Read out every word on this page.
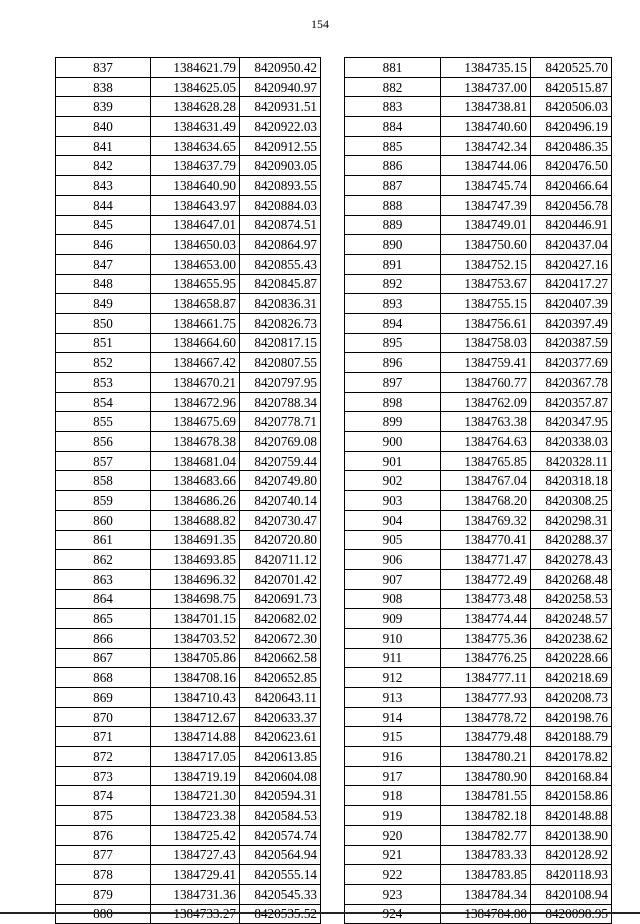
154
837	1384621.79	8420950.42
838	1384625.05	8420940.97
839	1384628.28	8420931.51
840	1384631.49	8420922.03
841	1384634.65	8420912.55
842	1384637.79	8420903.05
843	1384640.90	8420893.55
844	1384643.97	8420884.03
845	1384647.01	8420874.51
846	1384650.03	8420864.97
847	1384653.00	8420855.43
848	1384655.95	8420845.87
849	1384658.87	8420836.31
850	1384661.75	8420826.73
851	1384664.60	8420817.15
852	1384667.42	8420807.55
853	1384670.21	8420797.95
854	1384672.96	8420788.34
855	1384675.69	8420778.71
856	1384678.38	8420769.08
857	1384681.04	8420759.44
858	1384683.66	8420749.80
859	1384686.26	8420740.14
860	1384688.82	8420730.47
861	1384691.35	8420720.80
862	1384693.85	8420711.12
863	1384696.32	8420701.42
864	1384698.75	8420691.73
865	1384701.15	8420682.02
866	1384703.52	8420672.30
867	1384705.86	8420662.58
868	1384708.16	8420652.85
869	1384710.43	8420643.11
870	1384712.67	8420633.37
871	1384714.88	8420623.61
872	1384717.05	8420613.85
873	1384719.19	8420604.08
874	1384721.30	8420594.31
875	1384723.38	8420584.53
876	1384725.42	8420574.74
877	1384727.43	8420564.94
878	1384729.41	8420555.14
879	1384731.36	8420545.33

881	1384735.15	8420525.70
882	1384737.00	8420515.87
883	1384738.81	8420506.03
884	1384740.60	8420496.19
885	1384742.34	8420486.35
886	1384744.06	8420476.50
887	1384745.74	8420466.64
888	1384747.39	8420456.78
889	1384749.01	8420446.91
890	1384750.60	8420437.04
891	1384752.15	8420427.16
892	1384753.67	8420417.27
893	1384755.15	8420407.39
894	1384756.61	8420397.49
895	1384758.03	8420387.59
896	1384759.41	8420377.69
897	1384760.77	8420367.78
898	1384762.09	8420357.87
899	1384763.38	8420347.95
900	1384764.63	8420338.03
901	1384765.85	8420328.11
902	1384767.04	8420318.18
903	1384768.20	8420308.25
904	1384769.32	8420298.31
905	1384770.41	8420288.37
906	1384771.47	8420278.43
907	1384772.49	8420268.48
908	1384773.48	8420258.53
909	1384774.44	8420248.57
910	1384775.36	8420238.62
911	1384776.25	8420228.66
912	1384777.11	8420218.69
913	1384777.93	8420208.73
914	1384778.72	8420198.76
915	1384779.48	8420188.79
916	1384780.21	8420178.82
917	1384780.90	8420168.84
918	1384781.55	8420158.86
919	1384782.18	8420148.88
920	1384782.77	8420138.90
921	1384783.33	8420128.92
922	1384783.85	8420118.93
923	1384784.34	8420108.94
